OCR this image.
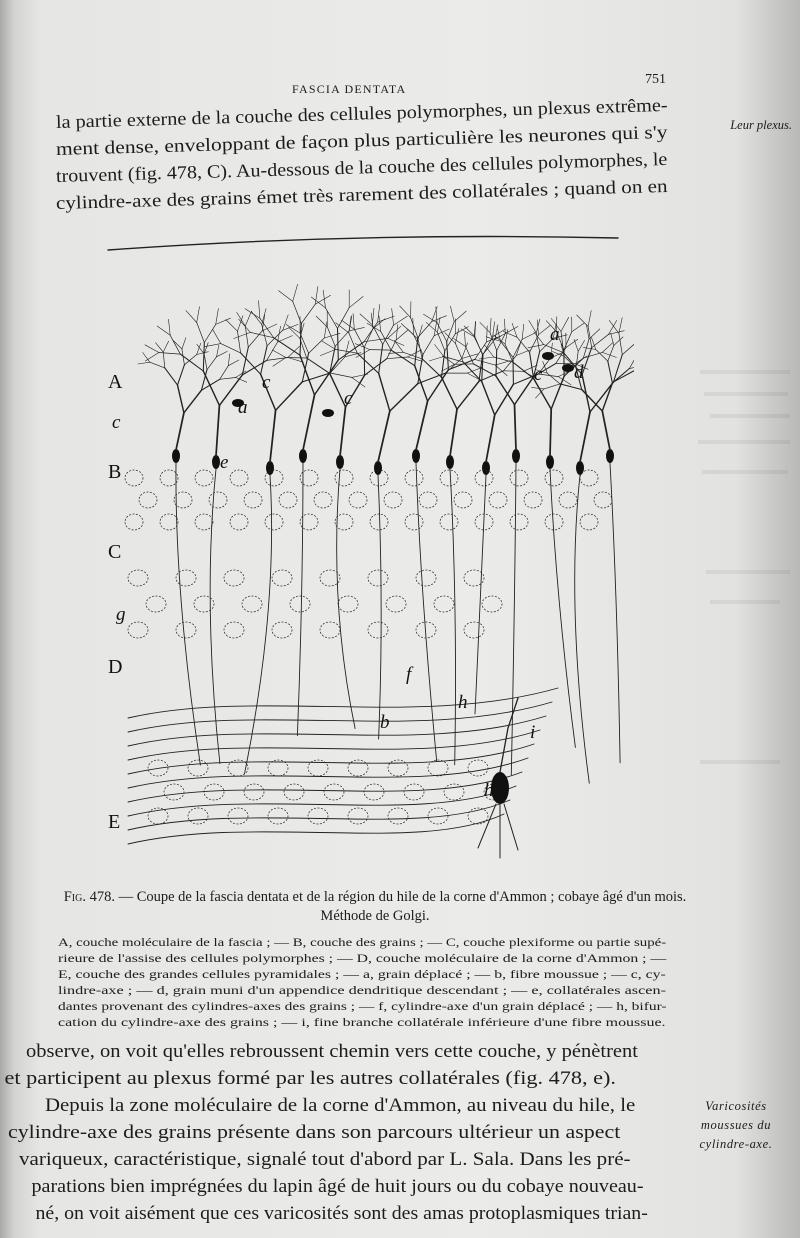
FASCIA DENTATA
751
Leur plexus.
Varicosités moussues du cylindre-axe.
la partie externe de la couche des cellules polymorphes, un plexus extrême-
ment dense, enveloppant de façon plus particulière les neurones qui s'y
trouvent (fig. 478, C). Au-dessous de la couche des cellules polymorphes, le
cylindre-axe des grains émet très rarement des collatérales ; quand on en
A
B
C
D
E
a
a
b
c
c
c
c d
e
f
g
h
h
i
Fig. 478. — Coupe de la fascia dentata et de la région du hile de la corne d'Ammon ; cobaye âgé d'un mois. Méthode de Golgi.
A, couche moléculaire de la fascia ; — B, couche des grains ; — C, couche plexiforme ou partie supé-
rieure de l'assise des cellules polymorphes ; — D, couche moléculaire de la corne d'Ammon ; —
E, couche des grandes cellules pyramidales ; — a, grain déplacé ; — b, fibre moussue ; — c, cy-
lindre-axe ; — d, grain muni d'un appendice dendritique descendant ; — e, collatérales ascen-
dantes provenant des cylindres-axes des grains ; — f, cylindre-axe d'un grain déplacé ; — h, bifur-
cation du cylindre-axe des grains ; — i, fine branche collatérale inférieure d'une fibre moussue.
observe, on voit qu'elles rebroussent chemin vers cette couche, y pénètrent
et participent au plexus formé par les autres collatérales (fig. 478, e).
Depuis la zone moléculaire de la corne d'Ammon, au niveau du hile, le
cylindre-axe des grains présente dans son parcours ultérieur un aspect
variqueux, caractéristique, signalé tout d'abord par L. Sala. Dans les pré-
parations bien imprégnées du lapin âgé de huit jours ou du cobaye nouveau-
né, on voit aisément que ces varicosités sont des amas protoplasmiques trian-
